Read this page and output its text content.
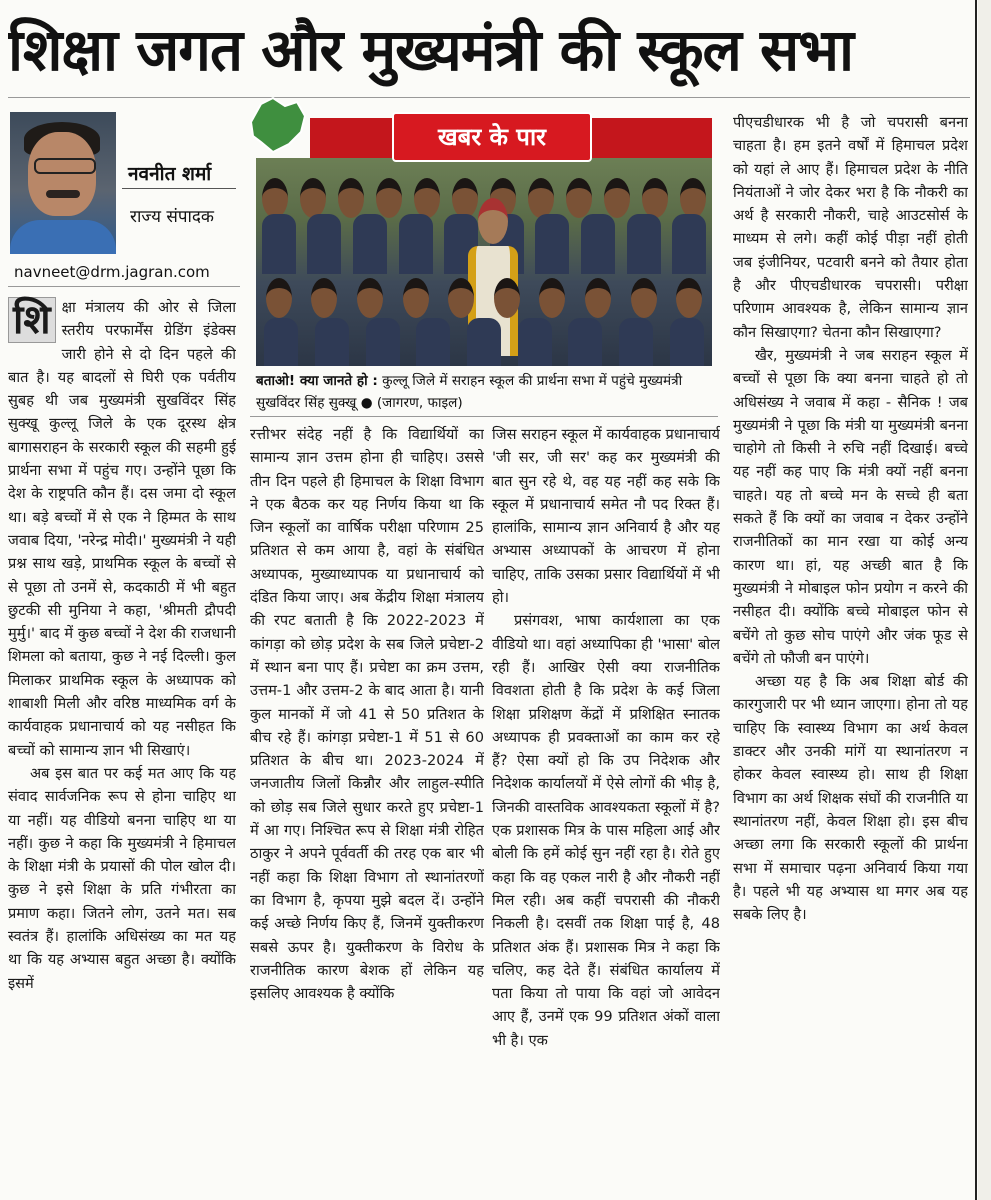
शिक्षा जगत और मुख्यमंत्री की स्कूल सभा
नवनीत शर्मा
राज्य संपादक
navneet@drm.jagran.com

शि क्षा मंत्रालय की ओर से जिला स्तरीय परफार्मेंस ग्रेडिंग इंडेक्स जारी होने से दो दिन पहले की बात है। यह बादलों से घिरी एक पर्वतीय सुबह थी जब मुख्यमंत्री सुखविंदर सिंह सुक्खू कुल्लू जिले के एक दूरस्थ क्षेत्र बागासराहन के सरकारी स्कूल की सहमी हुई प्रार्थना सभा में पहुंच गए। उन्होंने पूछा कि देश के राष्ट्रपति कौन हैं। दस जमा दो स्कूल था। बड़े बच्चों में से एक ने हिम्मत के साथ जवाब दिया, 'नरेन्द्र मोदी।' मुख्यमंत्री ने यही प्रश्न साथ खड़े, प्राथमिक स्कूल के बच्चों से से पूछा तो उनमें से, कदकाठी में भी बहुत छुटकी सी मुनिया ने कहा, 'श्रीमती द्रौपदी मुर्मु।' बाद में कुछ बच्चों ने देश की राजधानी शिमला को बताया, कुछ ने नई दिल्ली। कुल मिलाकर प्राथमिक स्कूल के अध्यापक को शाबाशी मिली और वरिष्ठ माध्यमिक वर्ग के कार्यवाहक प्रधानाचार्य को यह नसीहत कि बच्चों को सामान्य ज्ञान भी सिखाएं।

अब इस बात पर कई मत आए कि यह संवाद सार्वजनिक रूप से होना चाहिए था या नहीं। यह वीडियो बनना चाहिए था या नहीं। कुछ ने कहा कि मुख्यमंत्री ने हिमाचल के शिक्षा मंत्री के प्रयासों की पोल खोल दी। कुछ ने इसे शिक्षा के प्रति गंभीरता का प्रमाण कहा। जितने लोग, उतने मत। सब स्वतंत्र हैं। हालांकि अधिसंख्य का मत यह था कि यह अभ्यास बहुत अच्छा है। क्योंकि इसमें

खबर के पार
बताओ! क्या जानते हो : कुल्लू जिले में सराहन स्कूल की प्रार्थना सभा में पहुंचे मुख्यमंत्री सुखविंदर सिंह सुक्खू ● (जागरण, फाइल)

रत्तीभर संदेह नहीं है कि विद्यार्थियों का सामान्य ज्ञान उत्तम होना ही चाहिए। उससे तीन दिन पहले ही हिमाचल के शिक्षा विभाग ने एक बैठक कर यह निर्णय किया था कि जिन स्कूलों का वार्षिक परीक्षा परिणाम 25 प्रतिशत से कम आया है, वहां के संबंधित अध्यापक, मुख्याध्यापक या प्रधानाचार्य को दंडित किया जाए। अब केंद्रीय शिक्षा मंत्रालय की रपट बताती है कि 2022-2023 में कांगड़ा को छोड़ प्रदेश के सब जिले प्रचेष्टा-2 में स्थान बना पाए हैं। प्रचेष्टा का क्रम उत्तम, उत्तम-1 और उत्तम-2 के बाद आता है। यानी कुल मानकों में जो 41 से 50 प्रतिशत के बीच रहे हैं। कांगड़ा प्रचेष्टा-1 में 51 से 60 प्रतिशत के बीच था। 2023-2024 में जनजातीय जिलों किन्नौर और लाहुल-स्पीति को छोड़ सब जिले सुधार करते हुए प्रचेष्टा-1 में आ गए। निश्चित रूप से शिक्षा मंत्री रोहित ठाकुर ने अपने पूर्ववर्ती की तरह एक बार भी नहीं कहा कि शिक्षा विभाग तो स्थानांतरणों का विभाग है, कृपया मुझे बदल दें। उन्होंने कई अच्छे निर्णय किए हैं, जिनमें युक्तीकरण सबसे ऊपर है। युक्तीकरण के विरोध के राजनीतिक कारण बेशक हों लेकिन यह इसलिए आवश्यक है क्योंकि

जिस सराहन स्कूल में कार्यवाहक प्रधानाचार्य 'जी सर, जी सर' कह कर मुख्यमंत्री की बात सुन रहे थे, वह यह नहीं कह सके कि स्कूल में प्रधानाचार्य समेत नौ पद रिक्त हैं। हालांकि, सामान्य ज्ञान अनिवार्य है और यह अभ्यास अध्यापकों के आचरण में होना चाहिए, ताकि उसका प्रसार विद्यार्थियों में भी हो।

प्रसंगवश, भाषा कार्यशाला का एक वीडियो था। वहां अध्यापिका ही 'भासा' बोल रही हैं। आखिर ऐसी क्या राजनीतिक विवशता होती है कि प्रदेश के कई जिला शिक्षा प्रशिक्षण केंद्रों में प्रशिक्षित स्नातक अध्यापक ही प्रवक्ताओं का काम कर रहे हैं? ऐसा क्यों हो कि उप निदेशक और निदेशक कार्यालयों में ऐसे लोगों की भीड़ है, जिनकी वास्तविक आवश्यकता स्कूलों में है? एक प्रशासक मित्र के पास महिला आई और बोली कि हमें कोई सुन नहीं रहा है। रोते हुए कहा कि वह एकल नारी है और नौकरी नहीं मिल रही। अब कहीं चपरासी की नौकरी निकली है। दसवीं तक शिक्षा पाई है, 48 प्रतिशत अंक हैं। प्रशासक मित्र ने कहा कि चलिए, कह देते हैं। संबंधित कार्यालय में पता किया तो पाया कि वहां जो आवेदन आए हैं, उनमें एक 99 प्रतिशत अंकों वाला भी है। एक

पीएचडीधारक भी है जो चपरासी बनना चाहता है। हम इतने वर्षों में हिमाचल प्रदेश को यहां ले आए हैं। हिमाचल प्रदेश के नीति नियंताओं ने जोर देकर भरा है कि नौकरी का अर्थ है सरकारी नौकरी, चाहे आउटसोर्स के माध्यम से लगे। कहीं कोई पीड़ा नहीं होती जब इंजीनियर, पटवारी बनने को तैयार होता है और पीएचडीधारक चपरासी। परीक्षा परिणाम आवश्यक है, लेकिन सामान्य ज्ञान कौन सिखाएगा? चेतना कौन सिखाएगा?

खैर, मुख्यमंत्री ने जब सराहन स्कूल में बच्चों से पूछा कि क्या बनना चाहते हो तो अधिसंख्य ने जवाब में कहा - सैनिक ! जब मुख्यमंत्री ने पूछा कि मंत्री या मुख्यमंत्री बनना चाहोगे तो किसी ने रुचि नहीं दिखाई। बच्चे यह नहीं कह पाए कि मंत्री क्यों नहीं बनना चाहते। यह तो बच्चे मन के सच्चे ही बता सकते हैं कि क्यों का जवाब न देकर उन्होंने राजनीतिकों का मान रखा या कोई अन्य कारण था। हां, यह अच्छी बात है कि मुख्यमंत्री ने मोबाइल फोन प्रयोग न करने की नसीहत दी। क्योंकि बच्चे मोबाइल फोन से बचेंगे तो कुछ सोच पाएंगे और जंक फूड से बचेंगे तो फौजी बन पाएंगे।

अच्छा यह है कि अब शिक्षा बोर्ड की कारगुजारी पर भी ध्यान जाएगा। होना तो यह चाहिए कि स्वास्थ्य विभाग का अर्थ केवल डाक्टर और उनकी मांगें या स्थानांतरण न होकर केवल स्वास्थ्य हो। साथ ही शिक्षा विभाग का अर्थ शिक्षक संघों की राजनीति या स्थानांतरण नहीं, केवल शिक्षा हो। इस बीच अच्छा लगा कि सरकारी स्कूलों की प्रार्थना सभा में समाचार पढ़ना अनिवार्य किया गया है। पहले भी यह अभ्यास था मगर अब यह सबके लिए है।
